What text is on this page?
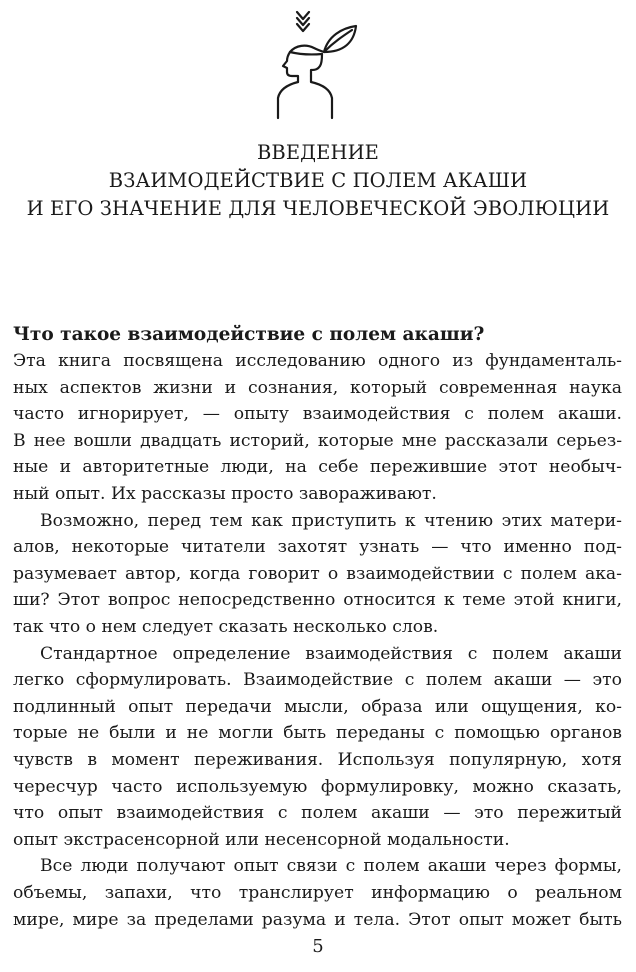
ВВЕДЕНИЕ
ВЗАИМОДЕЙСТВИЕ С ПОЛЕМ АКАШИ
И ЕГО ЗНАЧЕНИЕ ДЛЯ ЧЕЛОВЕЧЕСКОЙ ЭВОЛЮЦИИ
Что такое взаимодействие с полем акаши?
Эта книга посвящена исследованию одного из фундаменталь-
ных аспектов жизни и сознания, который современная наука
часто игнорирует, — опыту взаимодействия с полем акаши.
В нее вошли двадцать историй, которые мне рассказали серьез-
ные и авторитетные люди, на себе пережившие этот необыч-
ный опыт. Их рассказы просто завораживают.
Возможно, перед тем как приступить к чтению этих матери-
алов, некоторые читатели захотят узнать — что именно под-
разумевает автор, когда говорит о взаимодействии с полем ака-
ши? Этот вопрос непосредственно относится к теме этой книги,
так что о нем следует сказать несколько слов.
Стандартное определение взаимодействия с полем акаши
легко сформулировать. Взаимодействие с полем акаши — это
подлинный опыт передачи мысли, образа или ощущения, ко-
торые не были и не могли быть переданы с помощью органов
чувств в момент переживания. Используя популярную, хотя
чересчур часто используемую формулировку, можно сказать,
что опыт взаимодействия с полем акаши — это пережитый
опыт экстрасенсорной или несенсорной модальности.
Все люди получают опыт связи с полем акаши через формы,
объемы, запахи, что транслирует информацию о реальном
5
мире, мире за пределами разума и тела. Этот опыт может быть
